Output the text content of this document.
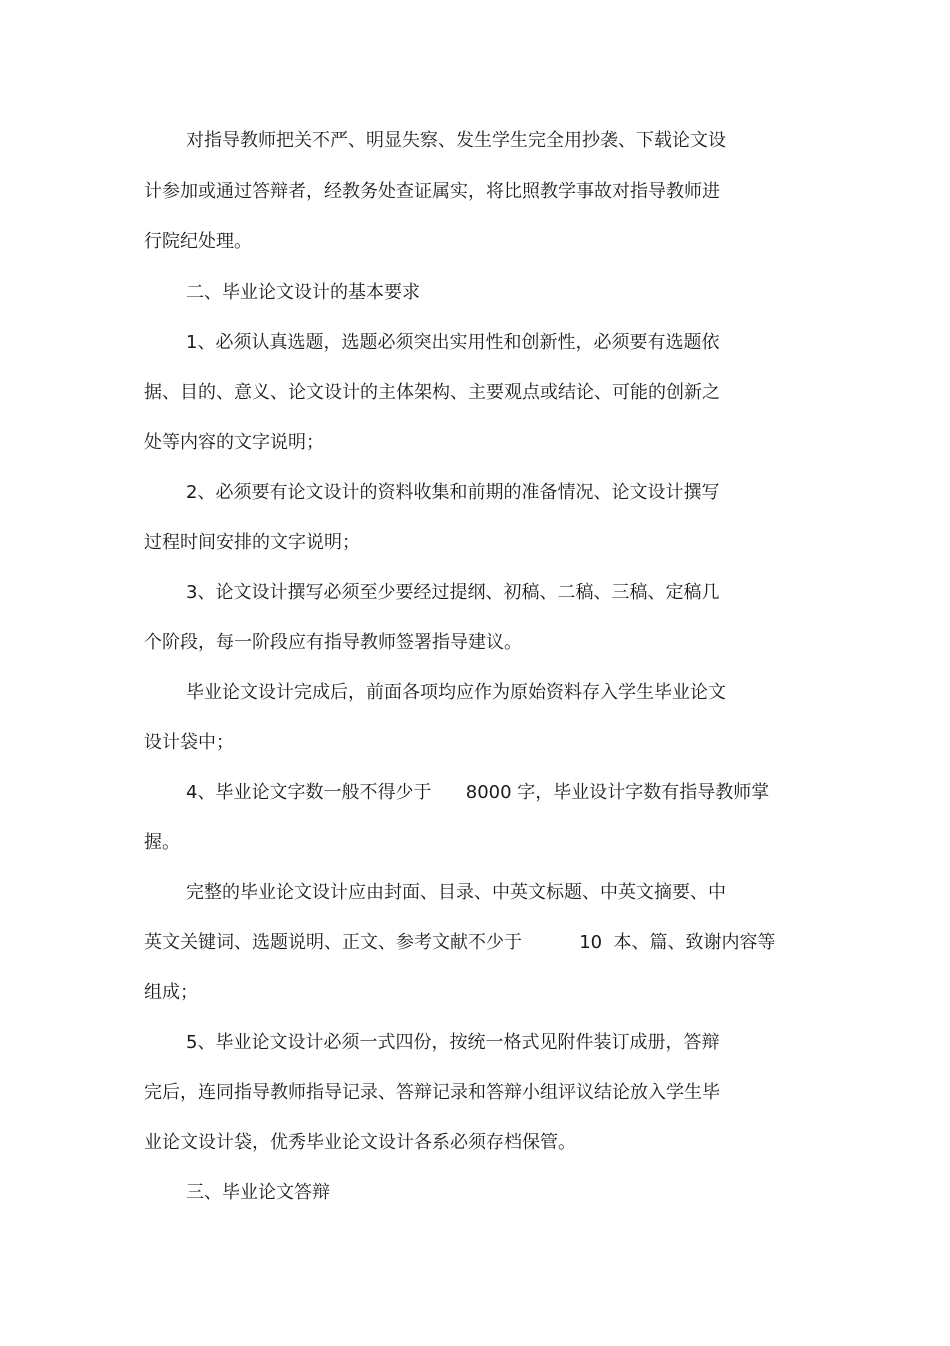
对指导教师把关不严、明显失察、发生学生完全用抄袭、下载论文设
计参加或通过答辩者，经教务处查证属实，将比照教学事故对指导教师进
行院纪处理。
二、毕业论文设计的基本要求
1、必须认真选题，选题必须突出实用性和创新性，必须要有选题依
据、目的、意义、论文设计的主体架构、主要观点或结论、可能的创新之
处等内容的文字说明；
2、必须要有论文设计的资料收集和前期的准备情况、论文设计撰写
过程时间安排的文字说明；
3、论文设计撰写必须至少要经过提纲、初稿、二稿、三稿、定稿几
个阶段，每一阶段应有指导教师签署指导建议。
毕业论文设计完成后，前面各项均应作为原始资料存入学生毕业论文
设计袋中；
4、毕业论文字数一般不得少于      8000 字，毕业设计字数有指导教师掌
握。
完整的毕业论文设计应由封面、目录、中英文标题、中英文摘要、中
英文关键词、选题说明、正文、参考文献不少于          10  本、篇、致谢内容等
组成；
5、毕业论文设计必须一式四份，按统一格式见附件装订成册，答辩
完后，连同指导教师指导记录、答辩记录和答辩小组评议结论放入学生毕
业论文设计袋，优秀毕业论文设计各系必须存档保管。
三、毕业论文答辩
